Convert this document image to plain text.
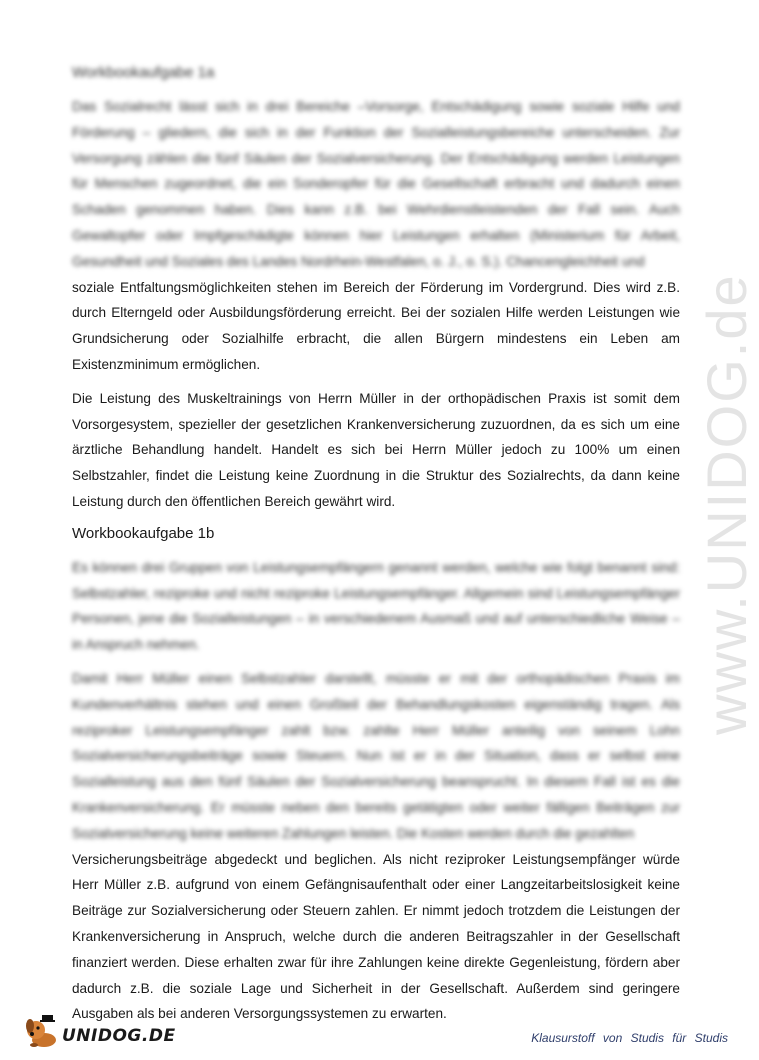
www.UNIDOG.de
Workbookaufgabe 1a

Das Sozialrecht lässt sich in drei Bereiche –Vorsorge, Entschädigung sowie soziale Hilfe und Förderung – gliedern, die sich in der Funktion der Sozialleistungsbereiche unterscheiden. Zur Versorgung zählen die fünf Säulen der Sozialversicherung. Der Entschädigung werden Leistungen für Menschen zugeordnet, die ein Sonderopfer für die Gesellschaft erbracht und dadurch einen Schaden genommen haben. Dies kann z.B. bei Wehrdienstleistenden der Fall sein. Auch Gewaltopfer oder Impfgeschädigte können hier Leistungen erhalten (Ministerium für Arbeit, Gesundheit und Soziales des Landes Nordrhein-Westfalen, o. J., o. S.). Chancengleichheit und

soziale Entfaltungsmöglichkeiten stehen im Bereich der Förderung im Vordergrund. Dies wird z.B. durch Elterngeld oder Ausbildungsförderung erreicht. Bei der sozialen Hilfe werden Leistungen wie Grundsicherung oder Sozialhilfe erbracht, die allen Bürgern mindestens ein Leben am Existenzminimum ermöglichen.

Die Leistung des Muskeltrainings von Herrn Müller in der orthopädischen Praxis ist somit dem Vorsorgesystem, spezieller der gesetzlichen Krankenversicherung zuzuordnen, da es sich um eine ärztliche Behandlung handelt. Handelt es sich bei Herrn Müller jedoch zu 100% um einen Selbstzahler, findet die Leistung keine Zuordnung in die Struktur des Sozialrechts, da dann keine Leistung durch den öffentlichen Bereich gewährt wird.

Workbookaufgabe 1b

Es können drei Gruppen von Leistungsempfängern genannt werden, welche wie folgt benannt sind: Selbstzahler, reziproke und nicht reziproke Leistungsempfänger. Allgemein sind Leistungsempfänger Personen, jene die Sozialleistungen – in verschiedenem Ausmaß und auf unterschiedliche Weise – in Anspruch nehmen.

Damit Herr Müller einen Selbstzahler darstellt, müsste er mit der orthopädischen Praxis im Kundenverhältnis stehen und einen Großteil der Behandlungskosten eigenständig tragen. Als reziproker Leistungsempfänger zahlt bzw. zahlte Herr Müller anteilig von seinem Lohn Sozialversicherungsbeiträge sowie Steuern. Nun ist er in der Situation, dass er selbst eine Sozialleistung aus den fünf Säulen der Sozialversicherung beansprucht. In diesem Fall ist es die Krankenversicherung. Er müsste neben den bereits getätigten oder weiter fälligen Beiträgen zur Sozialversicherung keine weiteren Zahlungen leisten. Die Kosten werden durch die gezahlten

Versicherungsbeiträge abgedeckt und beglichen. Als nicht reziproker Leistungsempfänger würde Herr Müller z.B. aufgrund von einem Gefängnisaufenthalt oder einer Langzeitarbeitslosigkeit keine Beiträge zur Sozialversicherung oder Steuern zahlen. Er nimmt jedoch trotzdem die Leistungen der Krankenversicherung in Anspruch, welche durch die anderen Beitragszahler in der Gesellschaft finanziert werden. Diese erhalten zwar für ihre Zahlungen keine direkte Gegenleistung, fördern aber dadurch z.B. die soziale Lage und Sicherheit in der Gesellschaft. Außerdem sind geringere Ausgaben als bei anderen Versorgungssystemen zu erwarten.

UNIDOG.DE	Klausurstoff von Studis für Studis
